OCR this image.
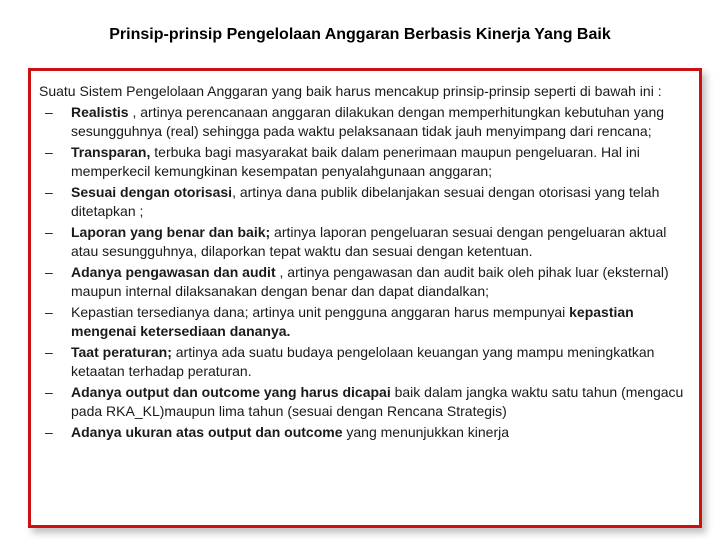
Prinsip-prinsip Pengelolaan Anggaran Berbasis Kinerja Yang Baik

Suatu Sistem Pengelolaan Anggaran yang baik harus mencakup prinsip-prinsip seperti di bawah ini :

– Realistis , artinya perencanaan anggaran dilakukan dengan memperhitungkan kebutuhan yang sesungguhnya (real) sehingga pada waktu pelaksanaan tidak jauh menyimpang dari rencana;
– Transparan, terbuka bagi masyarakat baik dalam penerimaan maupun pengeluaran. Hal ini memperkecil kemungkinan kesempatan penyalahgunaan anggaran;
– Sesuai dengan otorisasi, artinya dana publik dibelanjakan sesuai dengan otorisasi yang telah ditetapkan ;
– Laporan yang benar dan baik; artinya laporan pengeluaran sesuai dengan pengeluaran aktual atau sesungguhnya, dilaporkan tepat waktu dan sesuai dengan ketentuan.
– Adanya pengawasan dan audit , artinya pengawasan dan audit baik oleh pihak luar (eksternal) maupun internal dilaksanakan dengan benar dan dapat diandalkan;
– Kepastian tersedianya dana; artinya unit pengguna anggaran harus mempunyai kepastian mengenai ketersediaan dananya.
– Taat peraturan; artinya ada suatu budaya pengelolaan keuangan yang mampu meningkatkan ketaatan terhadap peraturan.
– Adanya output dan outcome yang harus dicapai baik dalam jangka waktu satu tahun (mengacu pada RKA_KL)maupun lima tahun (sesuai dengan Rencana Strategis)
– Adanya ukuran atas output dan outcome yang menunjukkan kinerja
